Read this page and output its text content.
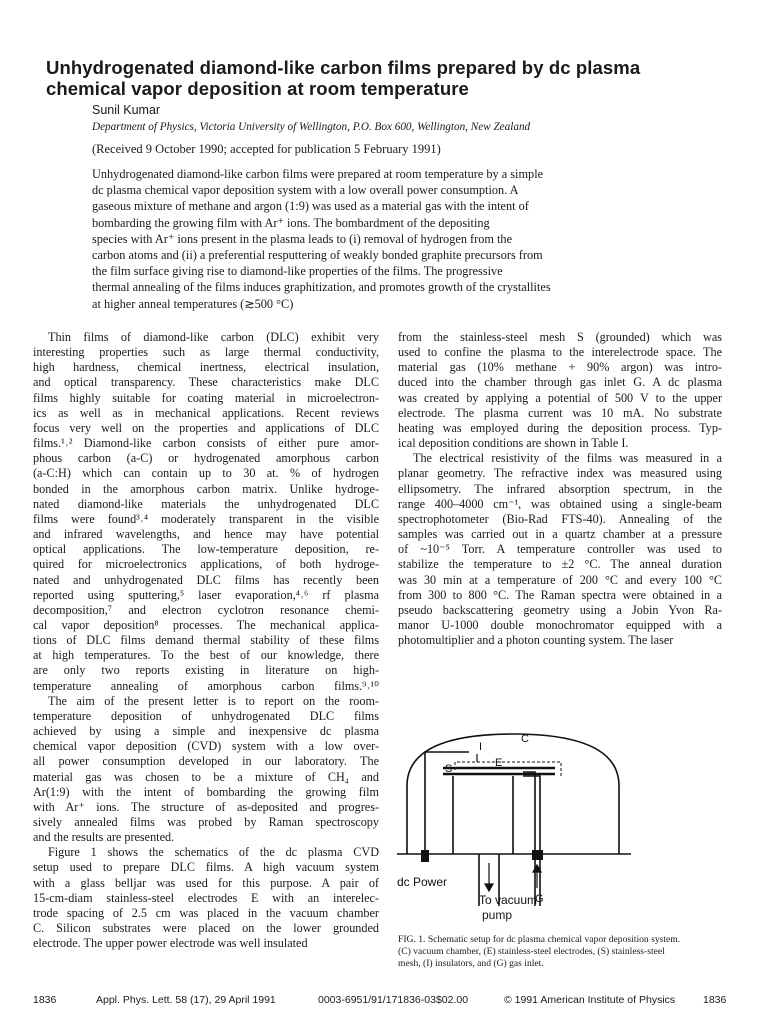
Unhydrogenated diamond-like carbon films prepared by dc plasma
chemical vapor deposition at room temperature
Sunil Kumar
Department of Physics, Victoria University of Wellington, P.O. Box 600, Wellington, New Zealand
(Received 9 October 1990; accepted for publication 5 February 1991)
Unhydrogenated diamond-like carbon films were prepared at room temperature by a simple
dc plasma chemical vapor deposition system with a low overall power consumption. A
gaseous mixture of methane and argon (1:9) was used as a material gas with the intent of
bombarding the growing film with Ar⁺ ions. The bombardment of the depositing
species with Ar⁺ ions present in the plasma leads to (i) removal of hydrogen from the
carbon atoms and (ii) a preferential resputtering of weakly bonded graphite precursors from
the film surface giving rise to diamond-like properties of the films. The progressive
thermal annealing of the films induces graphitization, and promotes growth of the crystallites
at higher anneal temperatures (≳500 °C)
Thin films of diamond-like carbon (DLC) exhibit very
interesting properties such as large thermal conductivity,
high hardness, chemical inertness, electrical insulation,
and optical transparency. These characteristics make DLC
films highly suitable for coating material in microelectron-
ics as well as in mechanical applications. Recent reviews
focus very well on the properties and applications of DLC
films.¹˒² Diamond-like carbon consists of either pure amor-
phous carbon (a-C) or hydrogenated amorphous carbon
(a-C:H) which can contain up to 30 at. % of hydrogen
bonded in the amorphous carbon matrix. Unlike hydroge-
nated diamond-like materials the unhydrogenated DLC
films were found³˒⁴ moderately transparent in the visible
and infrared wavelengths, and hence may have potential
optical applications. The low-temperature deposition, re-
quired for microelectronics applications, of both hydroge-
nated and unhydrogenated DLC films has recently been
reported using sputtering,⁵ laser evaporation,⁴˒⁶ rf plasma
decomposition,⁷ and electron cyclotron resonance chemi-
cal vapor deposition⁸ processes. The mechanical applica-
tions of DLC films demand thermal stability of these films
at high temperatures. To the best of our knowledge, there
are only two reports existing in literature on high-
temperature annealing of amorphous carbon films.⁹˒¹⁰
The aim of the present letter is to report on the room-
temperature deposition of unhydrogenated DLC films
achieved by using a simple and inexpensive dc plasma
chemical vapor deposition (CVD) system with a low over-
all power consumption developed in our laboratory. The
material gas was chosen to be a mixture of CH₄ and
Ar(1:9) with the intent of bombarding the growing film
with Ar⁺ ions. The structure of as-deposited and progres-
sively annealed films was probed by Raman spectroscopy
and the results are presented.
Figure 1 shows the schematics of the dc plasma CVD
setup used to prepare DLC films. A high vacuum system
with a glass belljar was used for this purpose. A pair of
15-cm-diam stainless-steel electrodes E with an interelec-
trode spacing of 2.5 cm was placed in the vacuum chamber
C. Silicon substrates were placed on the lower grounded
electrode. The upper power electrode was well insulated
from the stainless-steel mesh S (grounded) which was
used to confine the plasma to the interelectrode space. The
material gas (10% methane + 90% argon) was intro-
duced into the chamber through gas inlet G. A dc plasma
was created by applying a potential of 500 V to the upper
electrode. The plasma current was 10 mA. No substrate
heating was employed during the deposition process. Typ-
ical deposition conditions are shown in Table I.
The electrical resistivity of the films was measured in a
planar geometry. The refractive index was measured using
ellipsometry. The infrared absorption spectrum, in the
range 400–4000 cm⁻¹, was obtained using a single-beam
spectrophotometer (Bio-Rad FTS-40). Annealing of the
samples was carried out in a quartz chamber at a pressure
of ~10⁻⁵ Torr. A temperature controller was used to
stabilize the temperature to ±2 °C. The anneal duration
was 30 min at a temperature of 200 °C and every 100 °C
from 300 to 800 °C. The Raman spectra were obtained in a
pseudo backscattering geometry using a Jobin Yvon Ra-
manor U-1000 double monochromator equipped with a
photomultiplier and a photon counting system. The laser
C
I
S	E
dc Power
G
To vacuum
pump
FIG. 1. Schematic setup for dc plasma chemical vapor deposition system.
(C) vacuum chamber, (E) stainless-steel electrodes, (S) stainless-steel
mesh, (I) insulators, and (G) gas inlet.
1836	Appl. Phys. Lett. 58 (17), 29 April 1991	0003-6951/91/171836-03$02.00	© 1991 American Institute of Physics	1836
